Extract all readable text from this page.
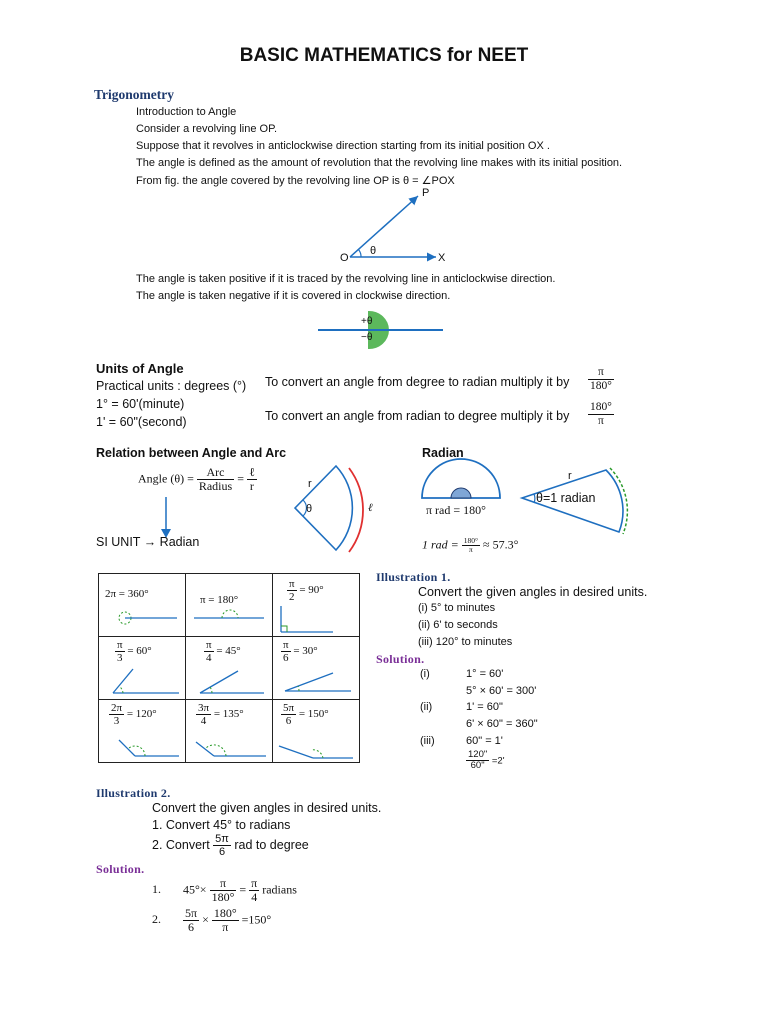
BASIC MATHEMATICS for NEET
Trigonometry
Introduction to Angle
Consider a revolving line OP.
Suppose that it revolves in anticlockwise direction starting from its initial position OX .
The angle is defined as the amount of revolution that the revolving line makes with its initial position.
From fig. the angle covered by the revolving line OP is θ = ∠POX
P
O	X
θ
The angle is taken positive if it is traced by the revolving line in anticlockwise direction.
The angle is taken negative if it is covered in clockwise direction.
+θ
−θ
Units of Angle
Practical units : degrees (°)
1° = 60'(minute)
1' = 60"(second)
To convert an angle from degree to radian multiply it by $\frac{\pi}{180^\circ}$
To convert an angle from radian to degree multiply it by $\frac{180^\circ}{\pi}$
Relation between Angle and Arc
Angle $(\theta) = \frac{\text{Arc}}{\text{Radius}} = \frac{\text{ℓ}}{r}$
SI UNIT → Radian
r
θ	ℓ
Radian
π rad = 180°
1 rad = $\frac{180^\circ}{\pi} \approx 57.3^\circ$
r
θ=1 radian
2π = 360°	π = 180°	$\frac{\pi}{2} = 90^\circ$

$\frac{\pi}{3} = 60^\circ$	$\frac{\pi}{4} = 45^\circ$	$\frac{\pi}{6} = 30^\circ$

$\frac{2\pi}{3} = 120^\circ$	$\frac{3\pi}{4} = 135^\circ$	$\frac{5\pi}{6} = 150^\circ$
Illustration 1.
Convert the given angles in desired units.
(i) 5° to minutes
(ii) 6' to seconds
(iii) 120° to minutes
Solution.
(i)	1° = 60'
5° × 60' = 300'
(ii)	1' = 60"
6' × 60" = 360"
(iii)	60" = 1'
$\frac{120"}{60"} =2'$
Illustration 2.
Convert the given angles in desired units.
1. Convert 45° to radians
2. Convert $\frac{5\pi}{6}$ rad to degree
Solution.
1. $45^\circ\times \frac{\pi}{180^\circ} = \frac{\pi}{4}$ radians
2. $\frac{5\pi}{6} \times \frac{180^\circ}{\pi} =150^\circ$
